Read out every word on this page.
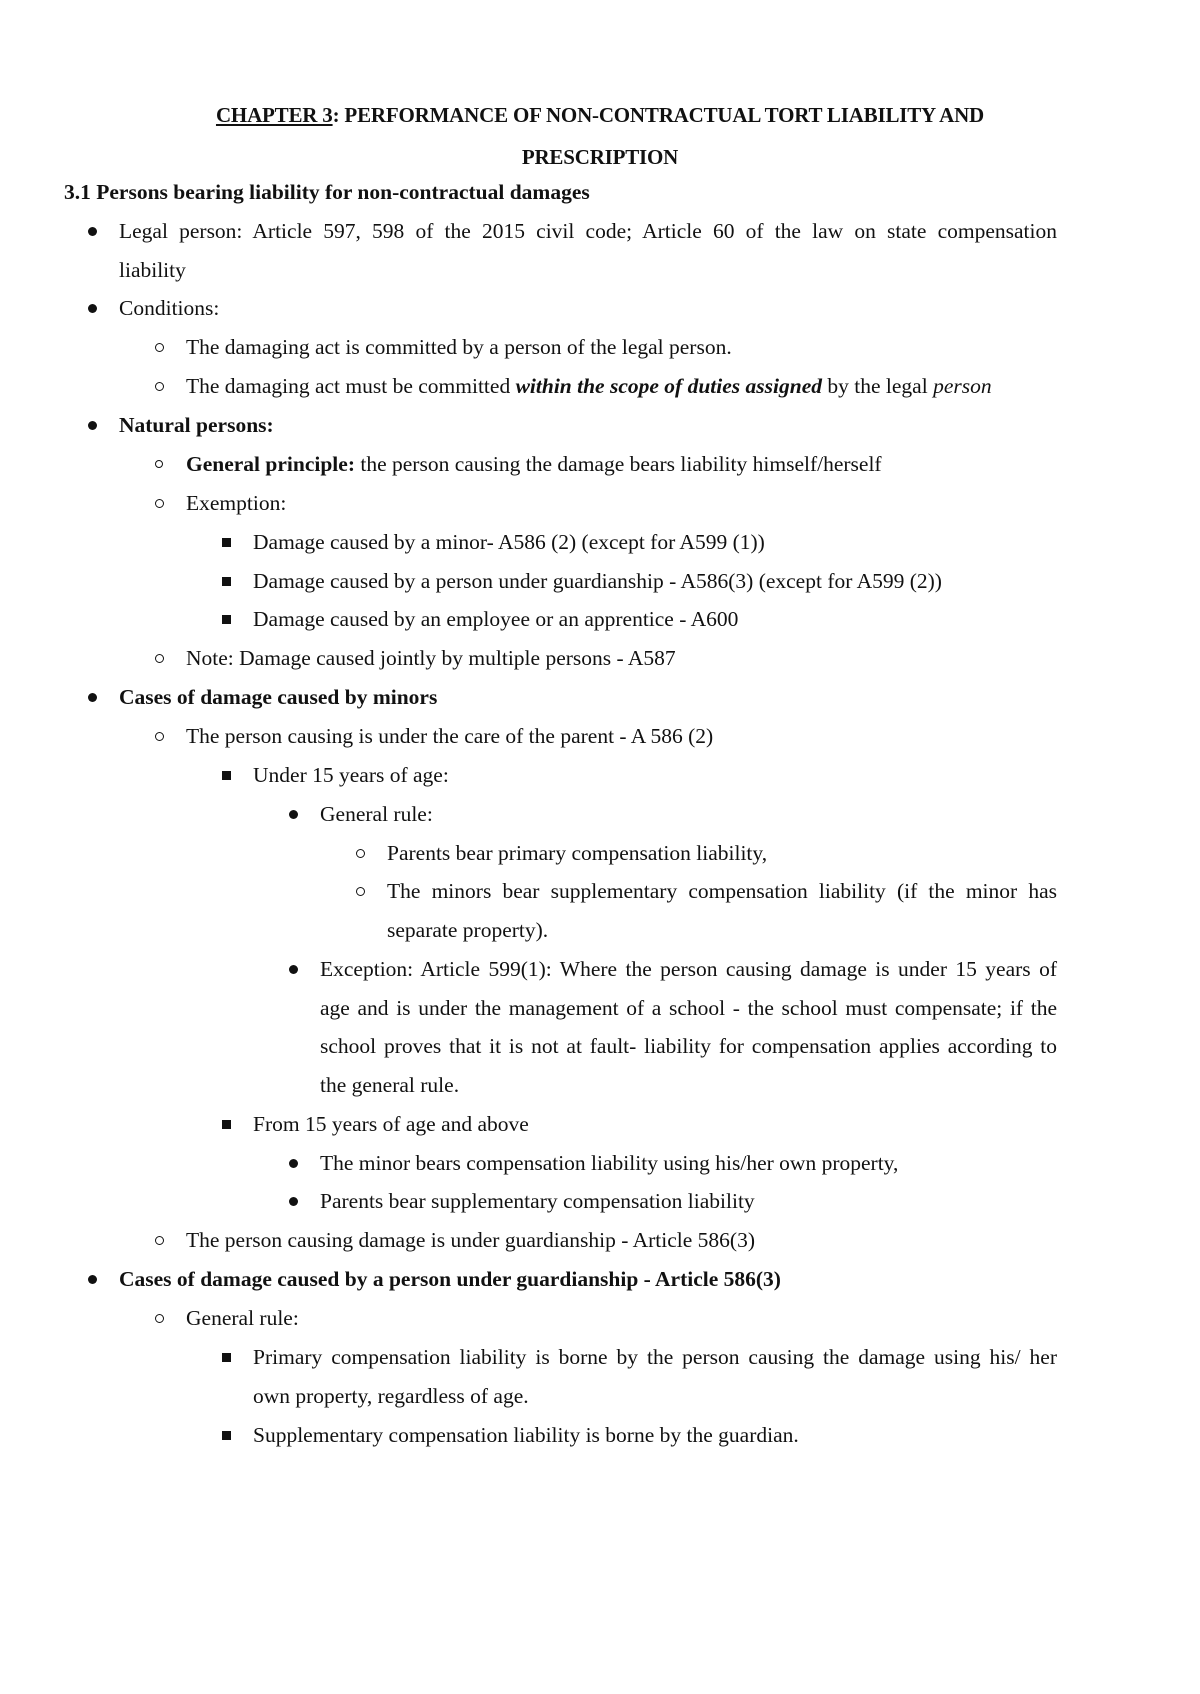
CHAPTER 3: PERFORMANCE OF NON-CONTRACTUAL TORT LIABILITY AND
PRESCRIPTION
3.1 Persons bearing liability for non-contractual damages
Legal person: Article 597, 598 of the 2015 civil code; Article 60 of the law on state compensation
liability
Conditions:
The damaging act is committed by a person of the legal person.
The damaging act must be committed within the scope of duties assigned by the legal person
Natural persons:
General principle: the person causing the damage bears liability himself/herself
Exemption:
Damage caused by a minor- A586 (2) (except for A599 (1))
Damage caused by a person under guardianship - A586(3) (except for A599 (2))
Damage caused by an employee or an apprentice - A600
Note: Damage caused jointly by multiple persons - A587
Cases of damage caused by minors
The person causing is under the care of the parent - A 586 (2)
Under 15 years of age:
General rule:
Parents bear primary compensation liability,
The minors bear supplementary compensation liability (if the minor has
separate property).
Exception: Article 599(1): Where the person causing damage is under 15 years of
age and is under the management of a school - the school must compensate; if the
school proves that it is not at fault- liability for compensation applies according to
the general rule.
From 15 years of age and above
The minor bears compensation liability using his/her own property,
Parents bear supplementary compensation liability
The person causing damage is under guardianship - Article 586(3)
Cases of damage caused by a person under guardianship - Article 586(3)
General rule:
Primary compensation liability is borne by the person causing the damage using his/ her
own property, regardless of age.
Supplementary compensation liability is borne by the guardian.
